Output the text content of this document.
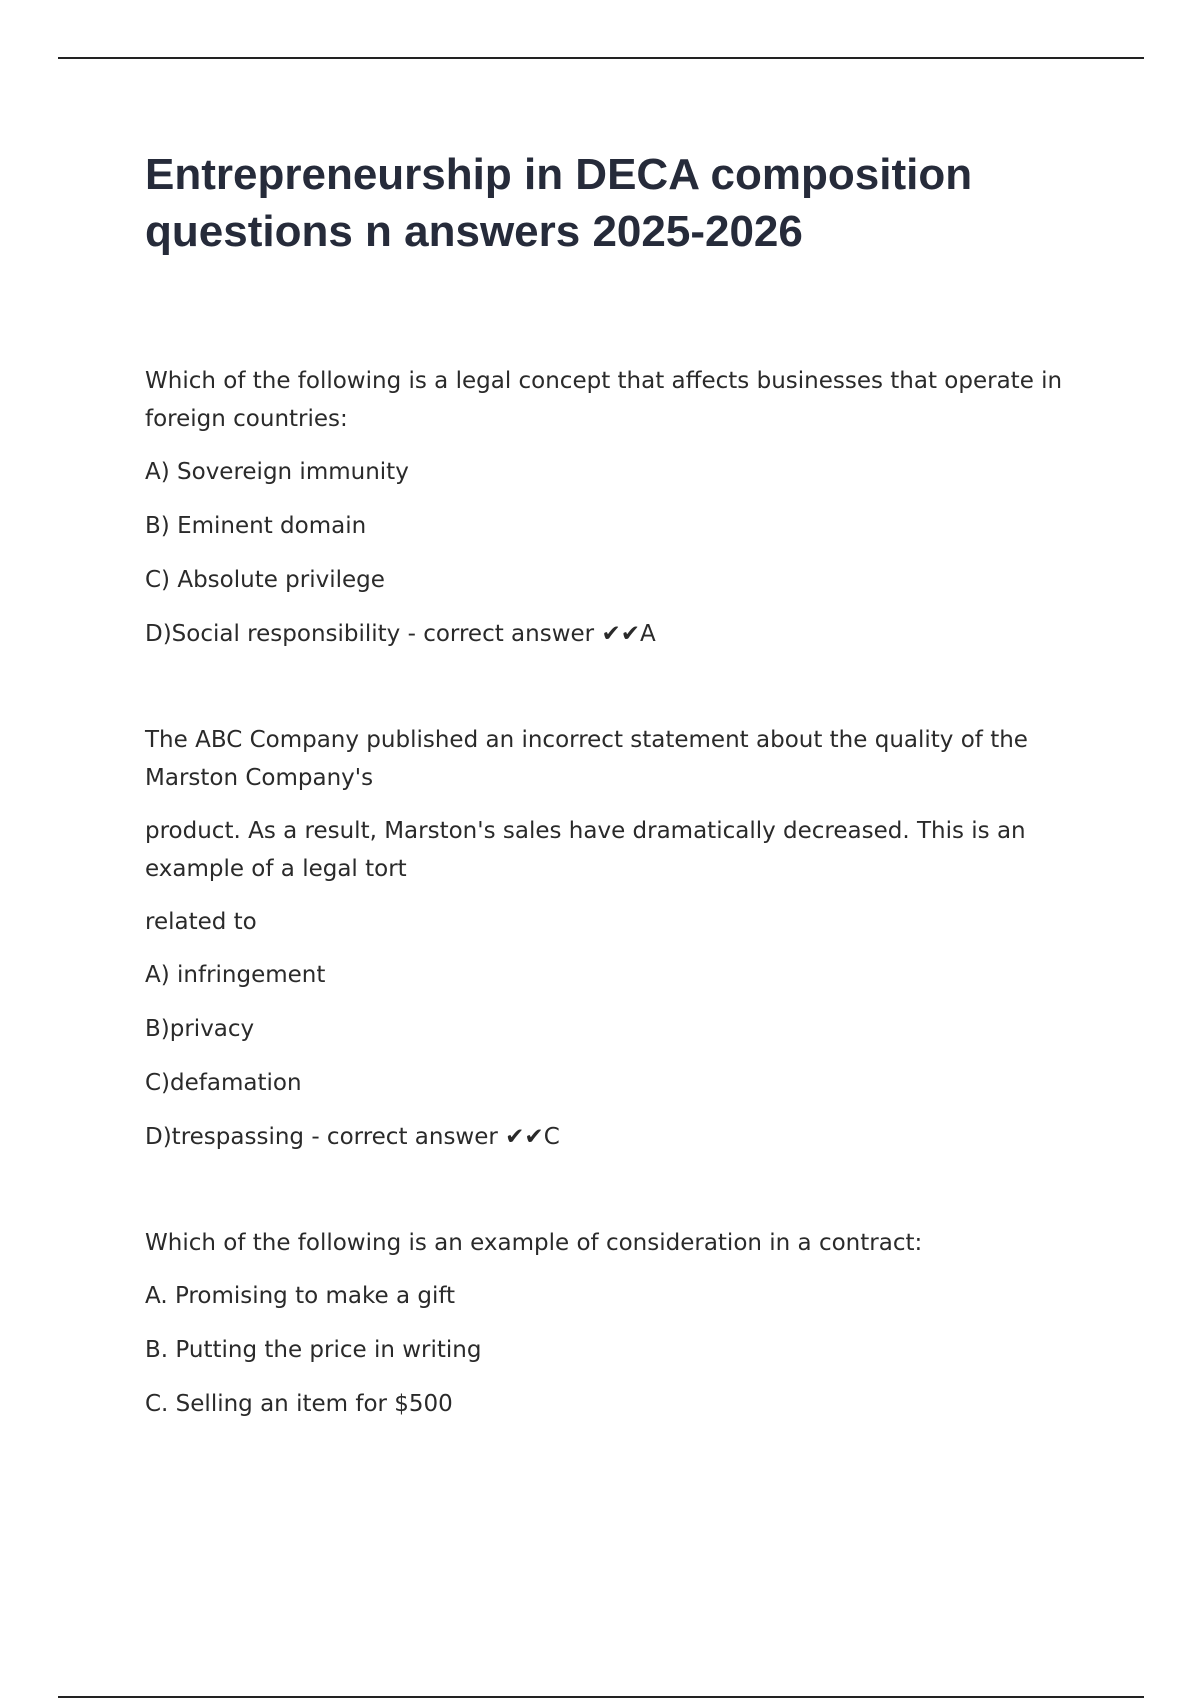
Entrepreneurship in DECA composition questions n answers 2025-2026

Which of the following is a legal concept that affects businesses that operate in foreign countries:

A) Sovereign immunity

B) Eminent domain

C) Absolute privilege

D)Social responsibility - correct answer ✔✔A

The ABC Company published an incorrect statement about the quality of the Marston Company's

product. As a result, Marston's sales have dramatically decreased. This is an example of a legal tort

related to

A) infringement

B)privacy

C)defamation

D)trespassing - correct answer ✔✔C

Which of the following is an example of consideration in a contract:

A. Promising to make a gift

B. Putting the price in writing

C. Selling an item for $500
